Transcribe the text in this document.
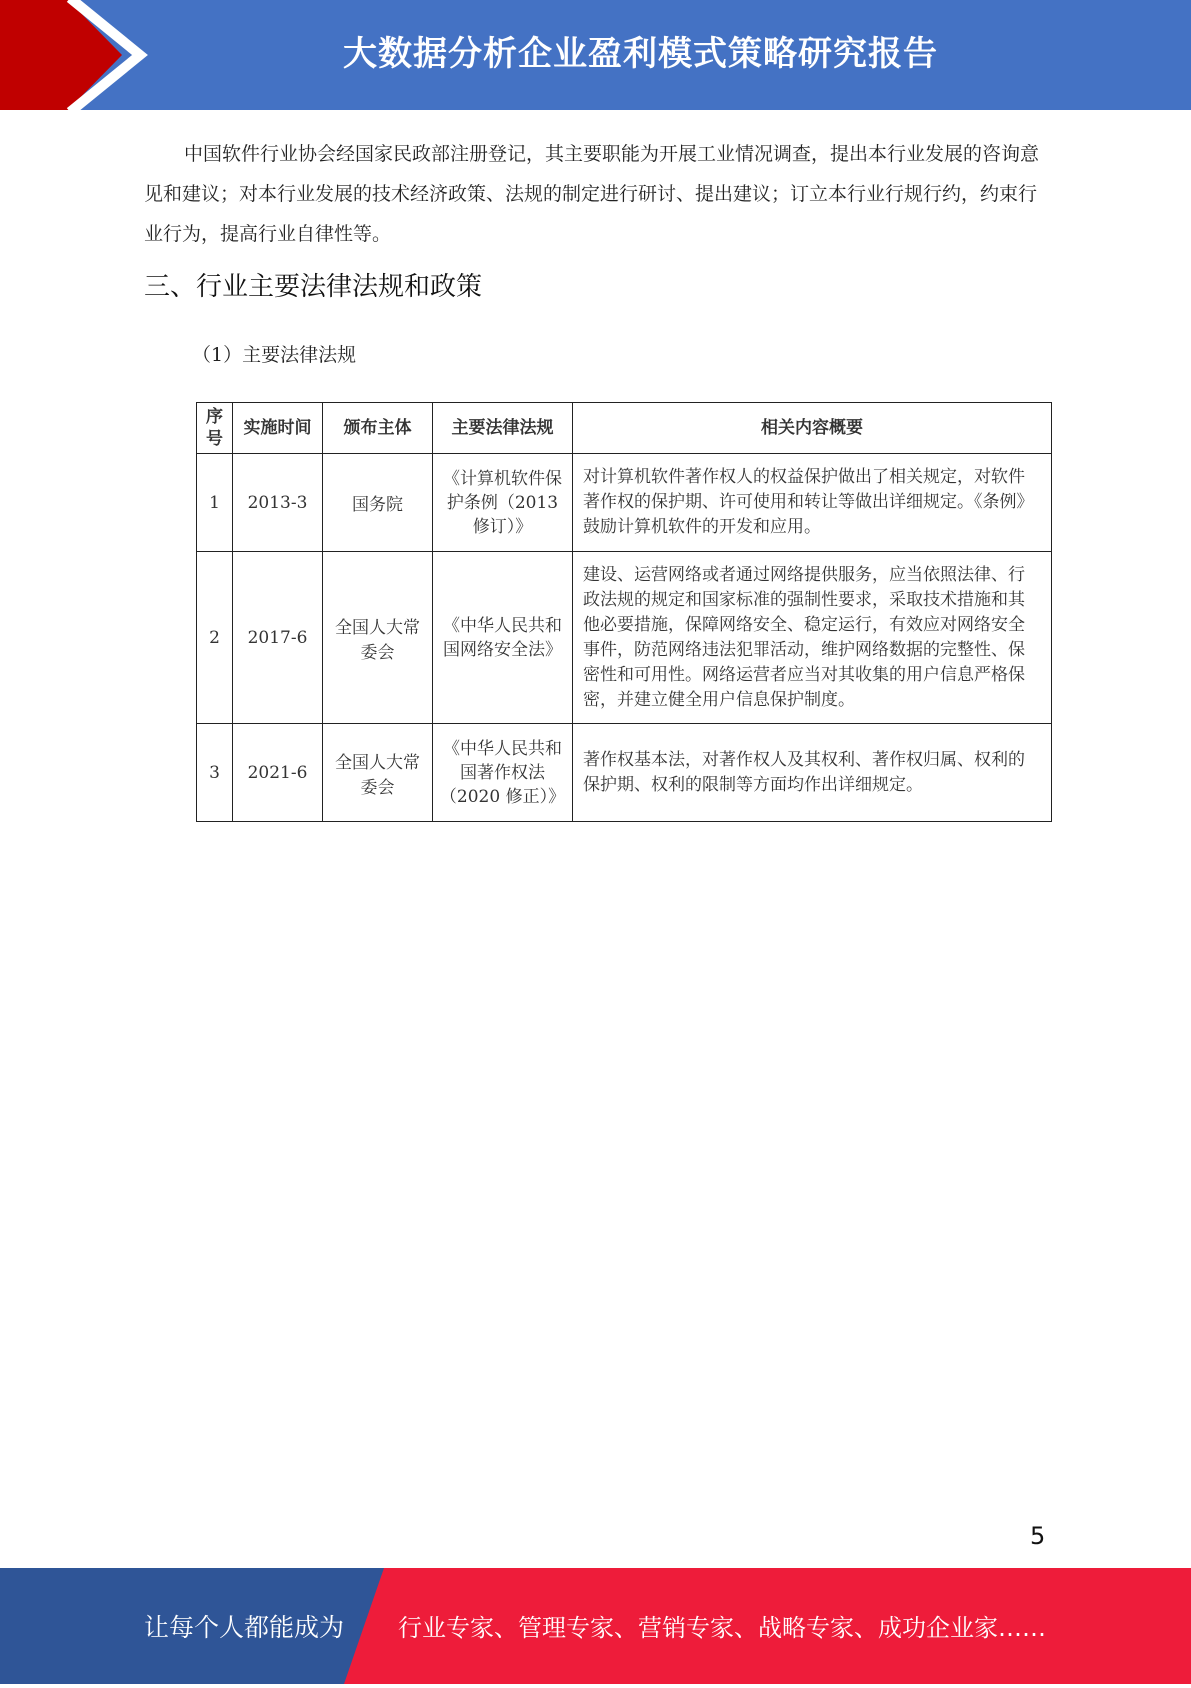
大数据分析企业盈利模式策略研究报告

中国软件行业协会经国家民政部注册登记，其主要职能为开展工业情况调查，提出本行业发展的咨询意见和建议；对本行业发展的技术经济政策、法规的制定进行研讨、提出建议；订立本行业行规行约，约束行业行为，提高行业自律性等。

三、行业主要法律法规和政策

（1）主要法律法规

序号	实施时间	颁布主体	主要法律法规	相关内容概要
1	2013-3	国务院	《计算机软件保护条例（2013 修订）》	对计算机软件著作权人的权益保护做出了相关规定，对软件著作权的保护期、许可使用和转让等做出详细规定。《条例》鼓励计算机软件的开发和应用。
2	2017-6	全国人大常委会	《中华人民共和国网络安全法》	建设、运营网络或者通过网络提供服务，应当依照法律、行政法规的规定和国家标准的强制性要求，采取技术措施和其他必要措施，保障网络安全、稳定运行，有效应对网络安全事件，防范网络违法犯罪活动，维护网络数据的完整性、保密性和可用性。网络运营者应当对其收集的用户信息严格保密，并建立健全用户信息保护制度。
3	2021-6	全国人大常委会	《中华人民共和国著作权法（2020 修正）》	著作权基本法，对著作权人及其权利、著作权归属、权利的保护期、权利的限制等方面均作出详细规定。
5
让每个人都能成为 行业专家、管理专家、营销专家、战略专家、成功企业家……
